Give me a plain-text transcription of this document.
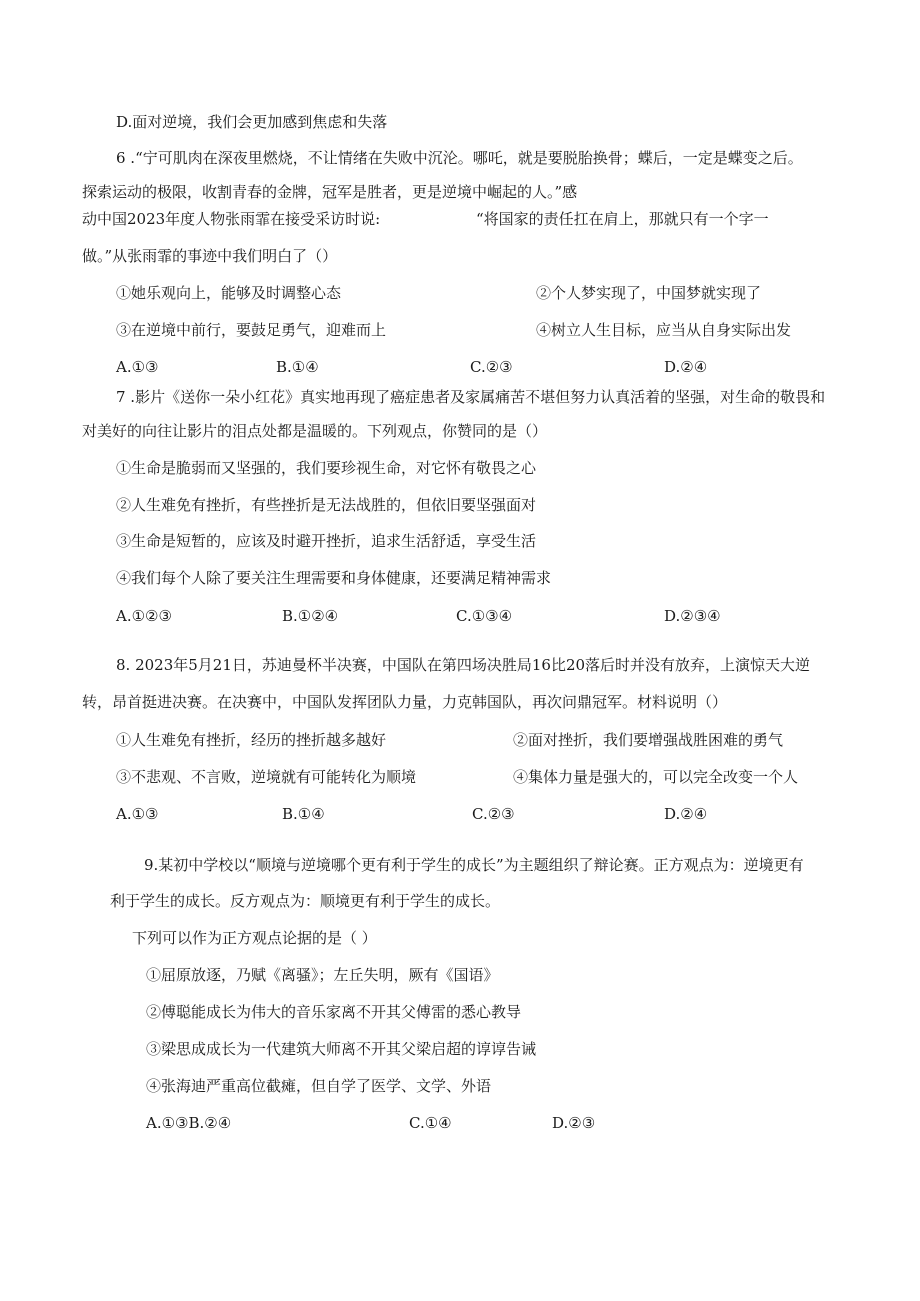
D.面对逆境，我们会更加感到焦虑和失落
6 .“宁可肌肉在深夜里燃烧，不让情绪在失败中沉沦。哪吒，就是要脱胎换骨；蝶后，一定是蝶变之后。
探索运动的极限，收割青春的金牌，冠军是胜者，更是逆境中崛起的人。”感
动中国2023年度人物张雨霏在接受采访时说:	“将国家的责任扛在肩上，那就只有一个字一
做。”从张雨霏的事迹中我们明白了（）
①她乐观向上，能够及时调整心态	②个人梦实现了，中国梦就实现了
③在逆境中前行，要鼓足勇气，迎难而上	④树立人生目标，应当从自身实际出发
A.①③	B.①④	C.②③	D.②④
7 .影片《送你一朵小红花》真实地再现了癌症患者及家属痛苦不堪但努力认真活着的坚强，对生命的敬畏和
对美好的向往让影片的泪点处都是温暖的。下列观点，你赞同的是（）
①生命是脆弱而又坚强的，我们要珍视生命，对它怀有敬畏之心
②人生难免有挫折，有些挫折是无法战胜的，但依旧要坚强面对
③生命是短暂的，应该及时避开挫折，追求生活舒适，享受生活
④我们每个人除了要关注生理需要和身体健康，还要满足精神需求
A.①②③	B.①②④	C.①③④	D.②③④
8. 2023年5月21日，苏迪曼杯半决赛，中国队在第四场决胜局16比20落后时并没有放弃，上演惊天大逆
转，昂首挺进决赛。在决赛中，中国队发挥团队力量，力克韩国队，再次问鼎冠军。材料说明（）
①人生难免有挫折，经历的挫折越多越好	②面对挫折，我们要增强战胜困难的勇气
③不悲观、不言败，逆境就有可能转化为顺境	④集体力量是强大的，可以完全改变一个人
A.①③	B.①④	C.②③	D.②④
9.某初中学校以“顺境与逆境哪个更有利于学生的成长”为主题组织了辩论赛。正方观点为：逆境更有
利于学生的成长。反方观点为：顺境更有利于学生的成长。
下列可以作为正方观点论据的是（ ）
①屈原放逐，乃赋《离骚》；左丘失明，厥有《国语》
②傅聪能成长为伟大的音乐家离不开其父傅雷的悉心教导
③梁思成成长为一代建筑大师离不开其父梁启超的谆谆告诫
④张海迪严重高位截瘫，但自学了医学、文学、外语
A.①③B.②④	C.①④	D.②③
